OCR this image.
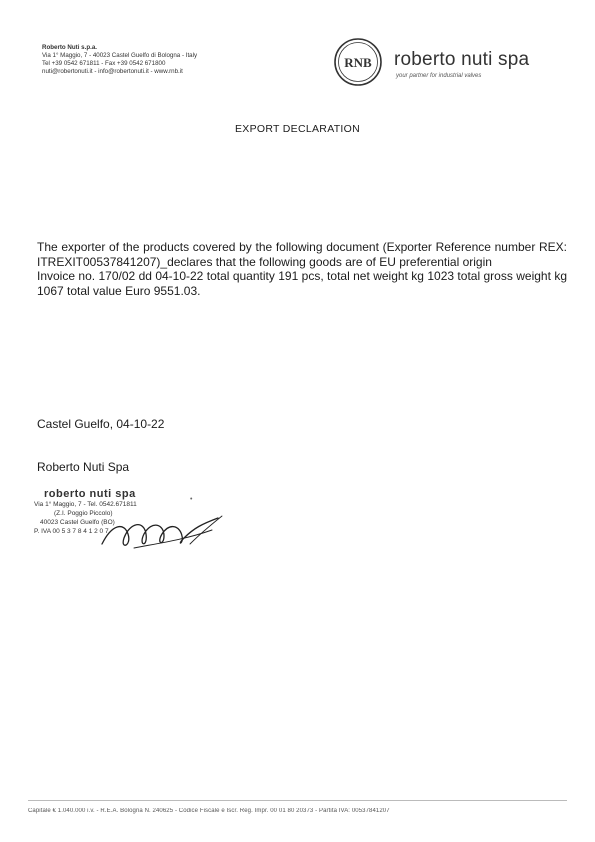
Roberto Nuti s.p.a.
Via 1° Maggio, 7 - 40023 Castel Guelfo di Bologna - Italy
Tel +39 0542 671811 - Fax +39 0542 671800
nuti@robertonuti.it - info@robertonuti.it - www.rnb.it
RNB roberto nuti spa
your partner for industrial valves
EXPORT DECLARATION

The exporter of the products covered by the following document (Exporter Reference number REX: ITREXIT00537841207)_declares that the following goods are of EU preferential origin

Invoice no. 170/02 dd 04-10-22 total quantity 191 pcs, total net weight kg 1023 total gross weight kg 1067 total value Euro 9551.03.

Castel Guelfo, 04-10-22
Roberto Nuti Spa
roberto nuti spa
Via 1° Maggio, 7 - Tel. 0542.671811
(Z.I. Poggio Piccolo)
40023 Castel Guelfo (BO)
P. IVA 00 5 3 7 8 4 1 2 0 7
•
Capitale € 1.040.000 i.v. - R.E.A. Bologna N. 240625 - Codice Fiscale e Iscr. Reg. Impr. 00 01 80 20373 - Partita IVA: 00537841207
